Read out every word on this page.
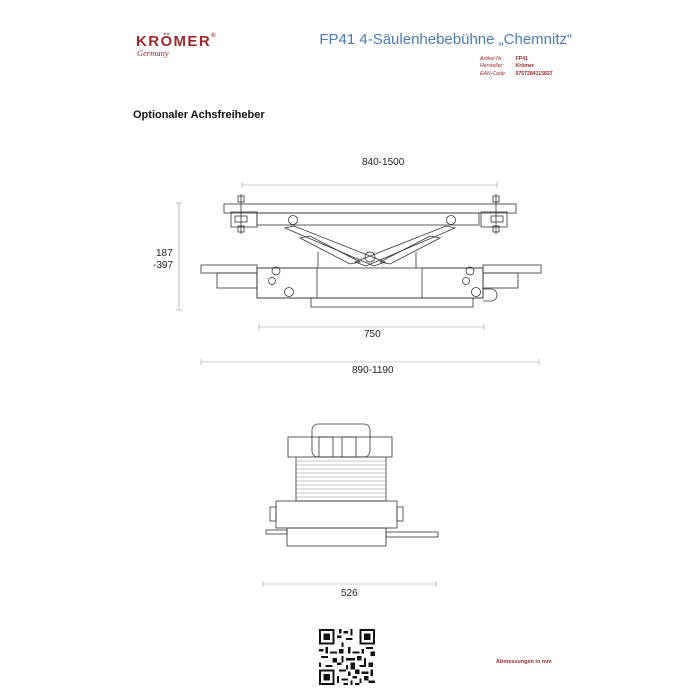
KRÖMER®
Germany
FP41 4-Säulenhebebühne „Chemnitz“
Artikel-Nr.: FP41
Hersteller: Krömer
EAN-Code: 0757284115837
Optionaler Achsfreiheber
840-1500
187
-397
750
890-1190
526
Abmessungen in mm
